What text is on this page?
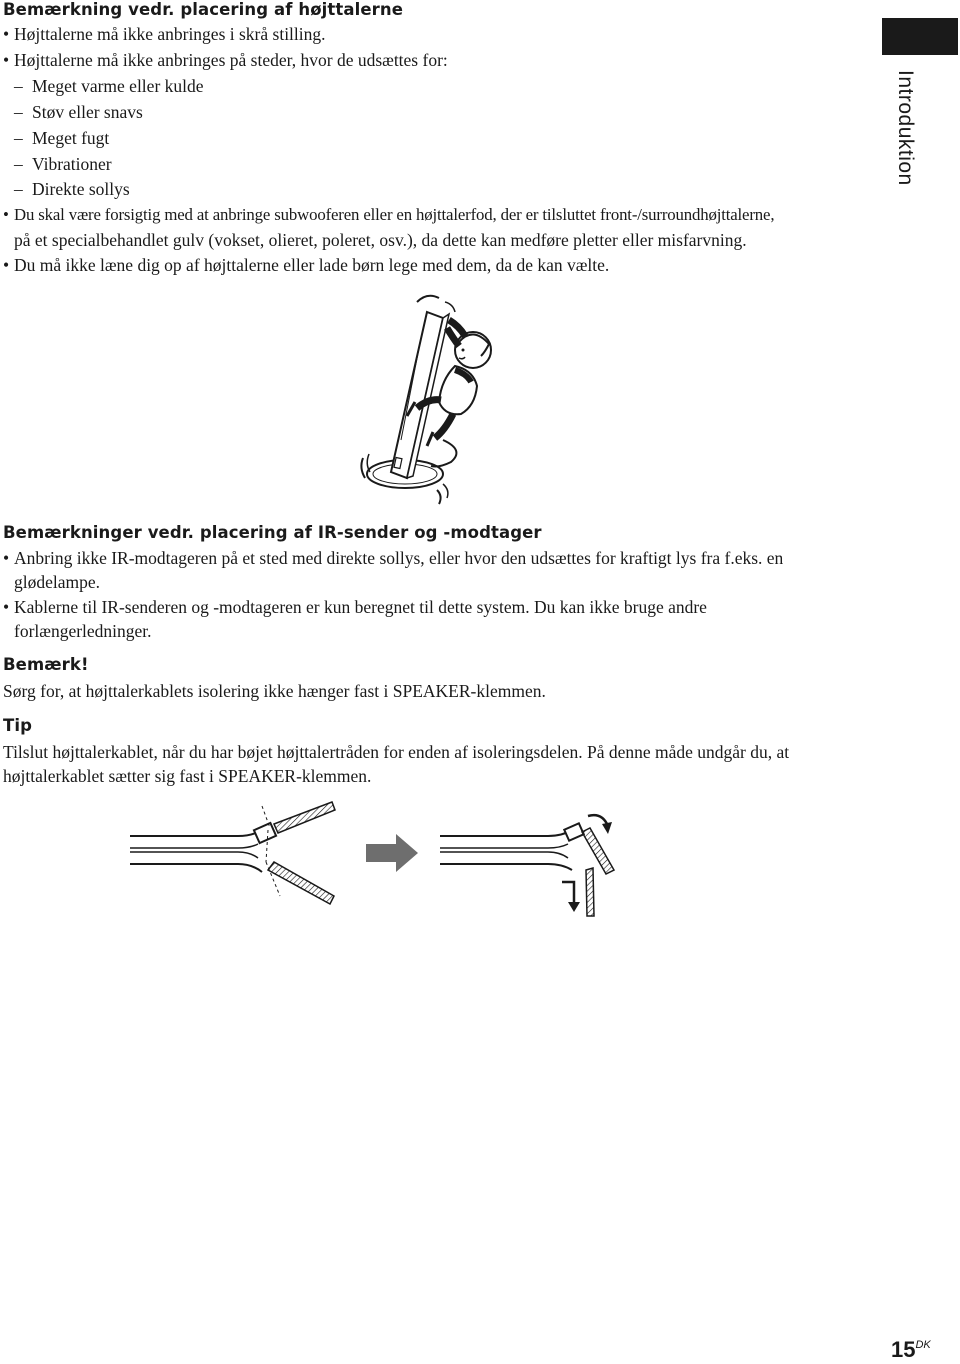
Introduktion
Bemærkning vedr. placering af højttalerne
• Højttalerne må ikke anbringes i skrå stilling.
• Højttalerne må ikke anbringes på steder, hvor de udsættes for:
– Meget varme eller kulde
– Støv eller snavs
– Meget fugt
– Vibrationer
– Direkte sollys
• Du skal være forsigtig med at anbringe subwooferen eller en højttalerfod, der er tilsluttet front-/surroundhøjttalerne,
på et specialbehandlet gulv (vokset, olieret, poleret, osv.), da dette kan medføre pletter eller misfarvning.
• Du må ikke læne dig op af højttalerne eller lade børn lege med dem, da de kan vælte.
Bemærkninger vedr. placering af IR-sender og -modtager
• Anbring ikke IR-modtageren på et sted med direkte sollys, eller hvor den udsættes for kraftigt lys fra f.eks. en
glødelampe.
• Kablerne til IR-senderen og -modtageren er kun beregnet til dette system. Du kan ikke bruge andre
forlængerledninger.
Bemærk!

Sørg for, at højttalerkablets isolering ikke hænger fast i SPEAKER-klemmen.

Tip

Tilslut højttalerkablet, når du har bøjet højttalertråden for enden af isoleringsdelen. På denne måde undgår du, at

højttalerkablet sætter sig fast i SPEAKER-klemmen.

$15^{DK}$
